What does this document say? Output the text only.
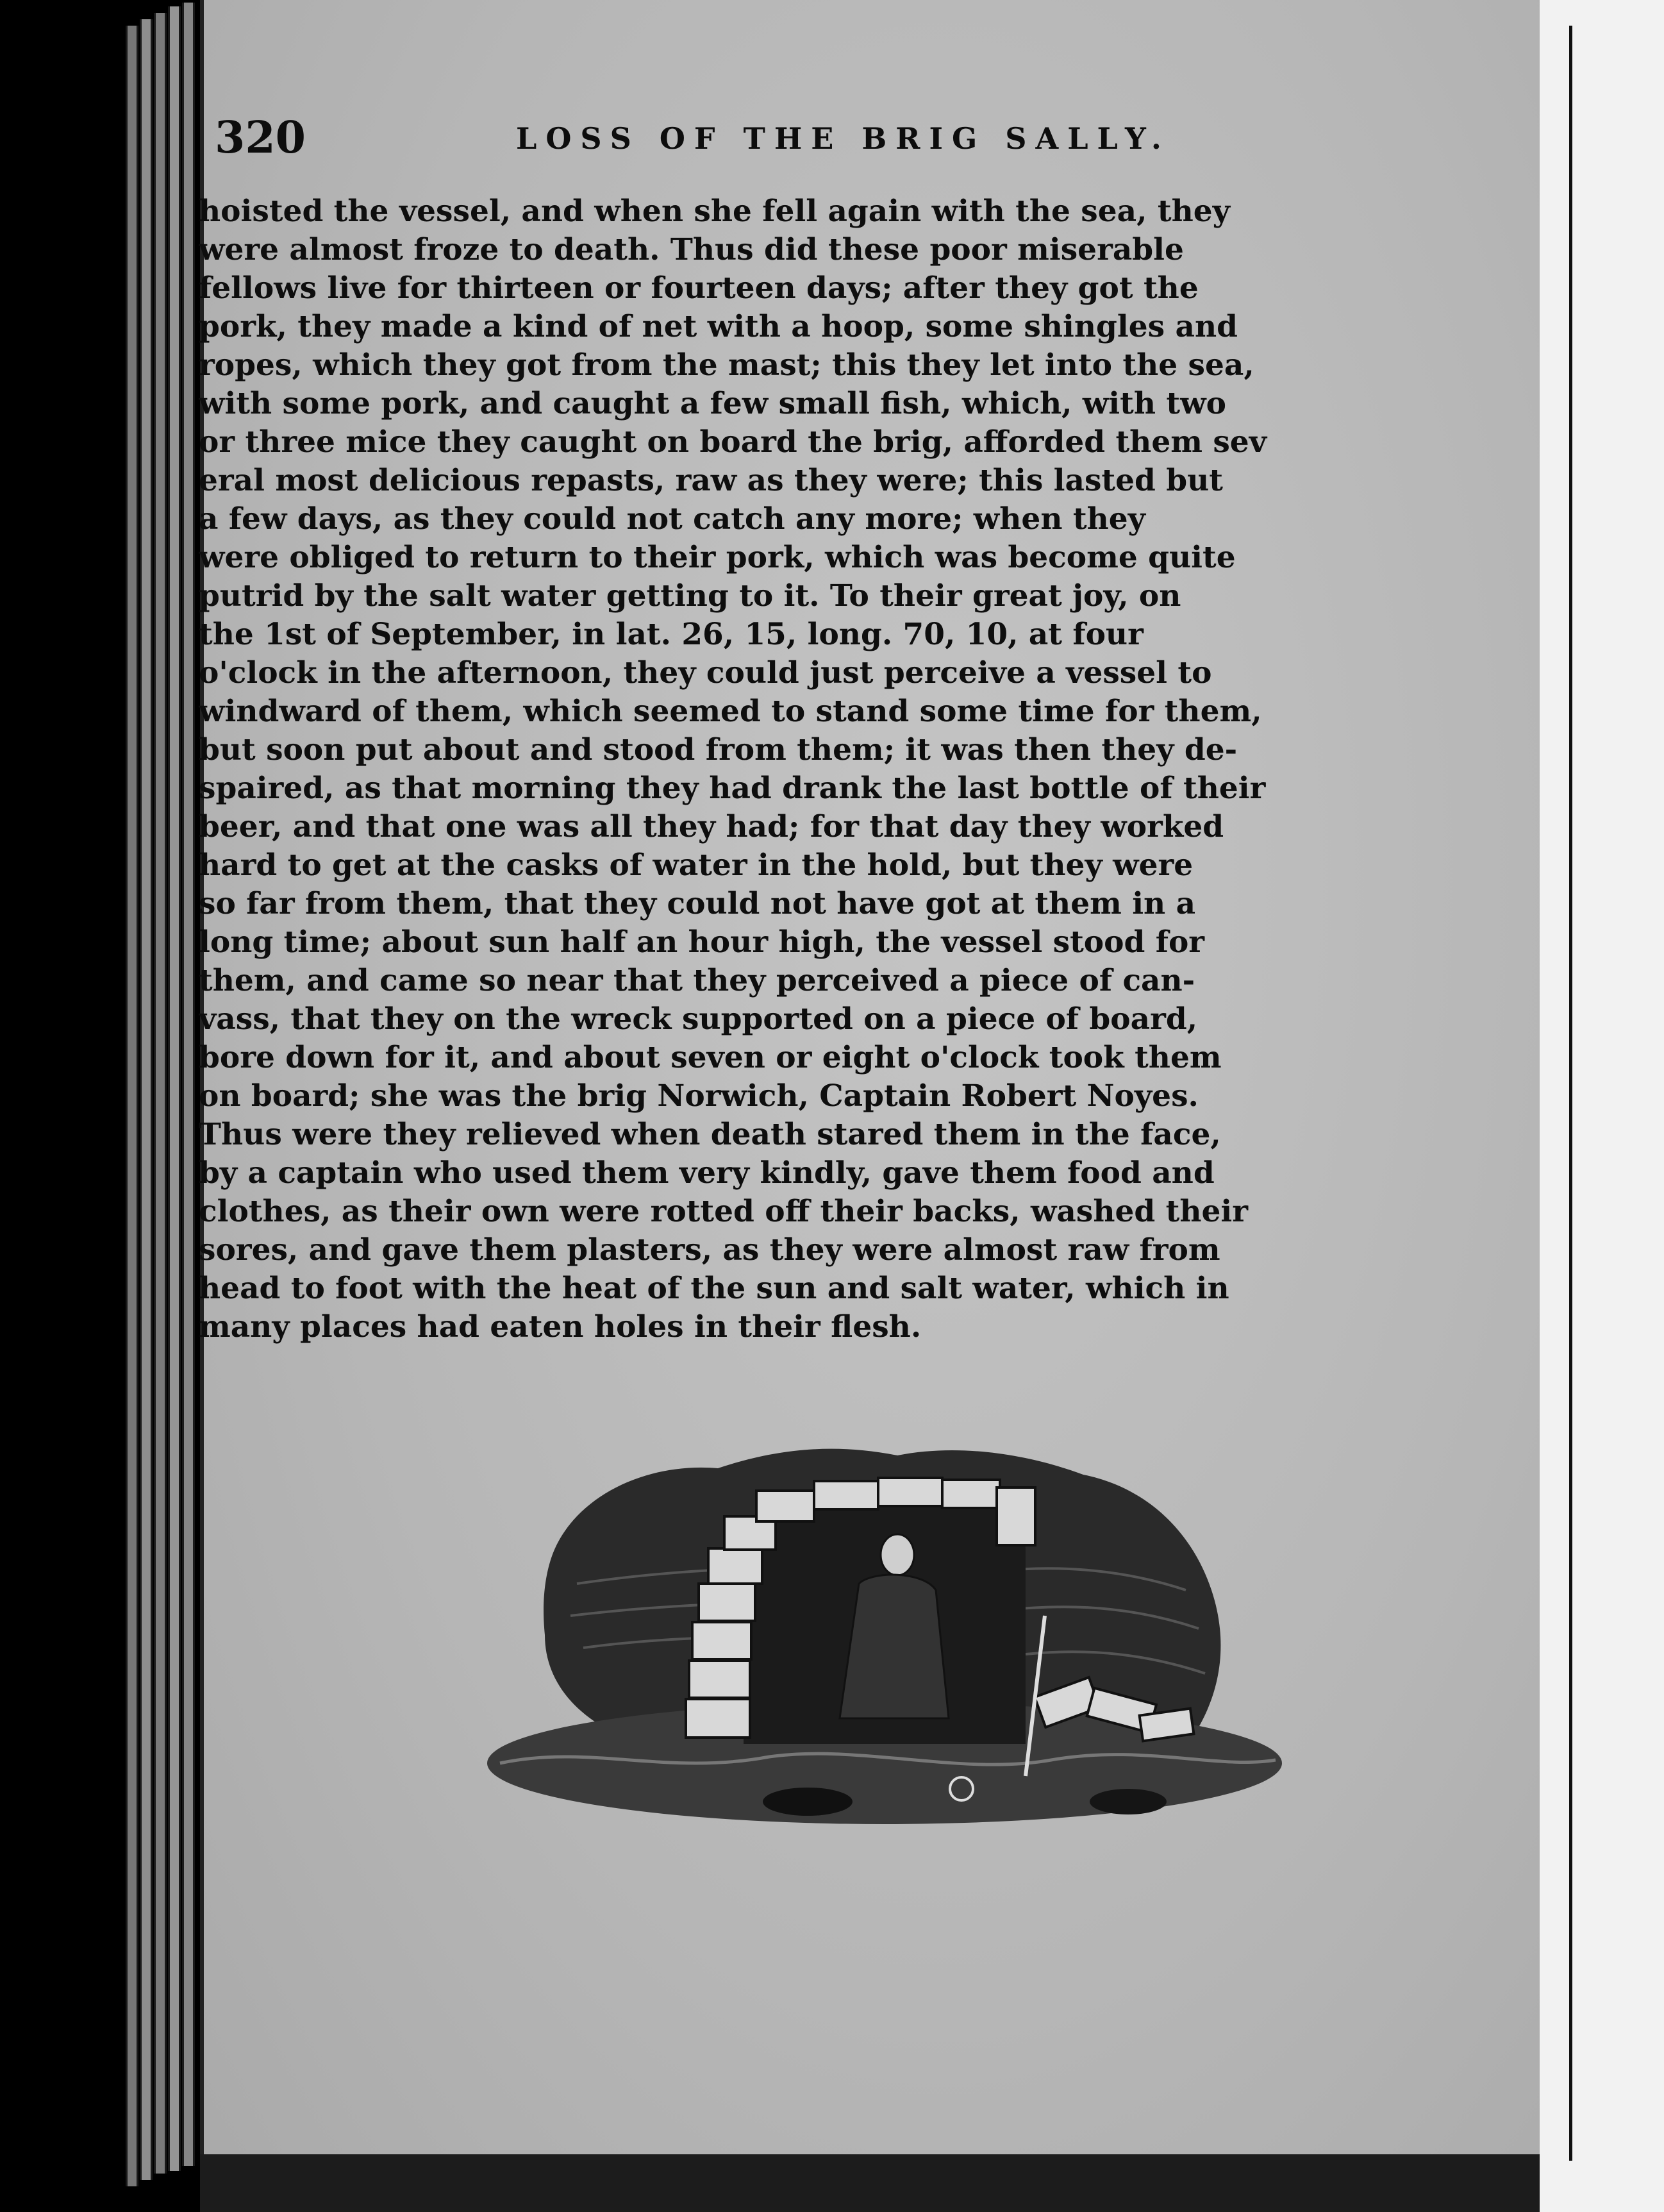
320	LOSS OF THE BRIG SALLY.
hoisted the vessel, and when she fell again with the sea, they
were almost froze to death. Thus did these poor miserable
fellows live for thirteen or fourteen days; after they got the
pork, they made a kind of net with a hoop, some shingles and
ropes, which they got from the mast; this they let into the sea,
with some pork, and caught a few small fish, which, with two
or three mice they caught on board the brig, afforded them sev
eral most delicious repasts, raw as they were; this lasted but
a few days, as they could not catch any more; when they
were obliged to return to their pork, which was become quite
putrid by the salt water getting to it. To their great joy, on
the 1st of September, in lat. 26, 15, long. 70, 10, at four
o'clock in the afternoon, they could just perceive a vessel to
windward of them, which seemed to stand some time for them,
but soon put about and stood from them; it was then they de-
spaired, as that morning they had drank the last bottle of their
beer, and that one was all they had; for that day they worked
hard to get at the casks of water in the hold, but they were
so far from them, that they could not have got at them in a
long time; about sun half an hour high, the vessel stood for
them, and came so near that they perceived a piece of can-
vass, that they on the wreck supported on a piece of board,
bore down for it, and about seven or eight o'clock took them
on board; she was the brig Norwich, Captain Robert Noyes.
Thus were they relieved when death stared them in the face,
by a captain who used them very kindly, gave them food and
clothes, as their own were rotted off their backs, washed their
sores, and gave them plasters, as they were almost raw from
head to foot with the heat of the sun and salt water, which in
many places had eaten holes in their flesh.
